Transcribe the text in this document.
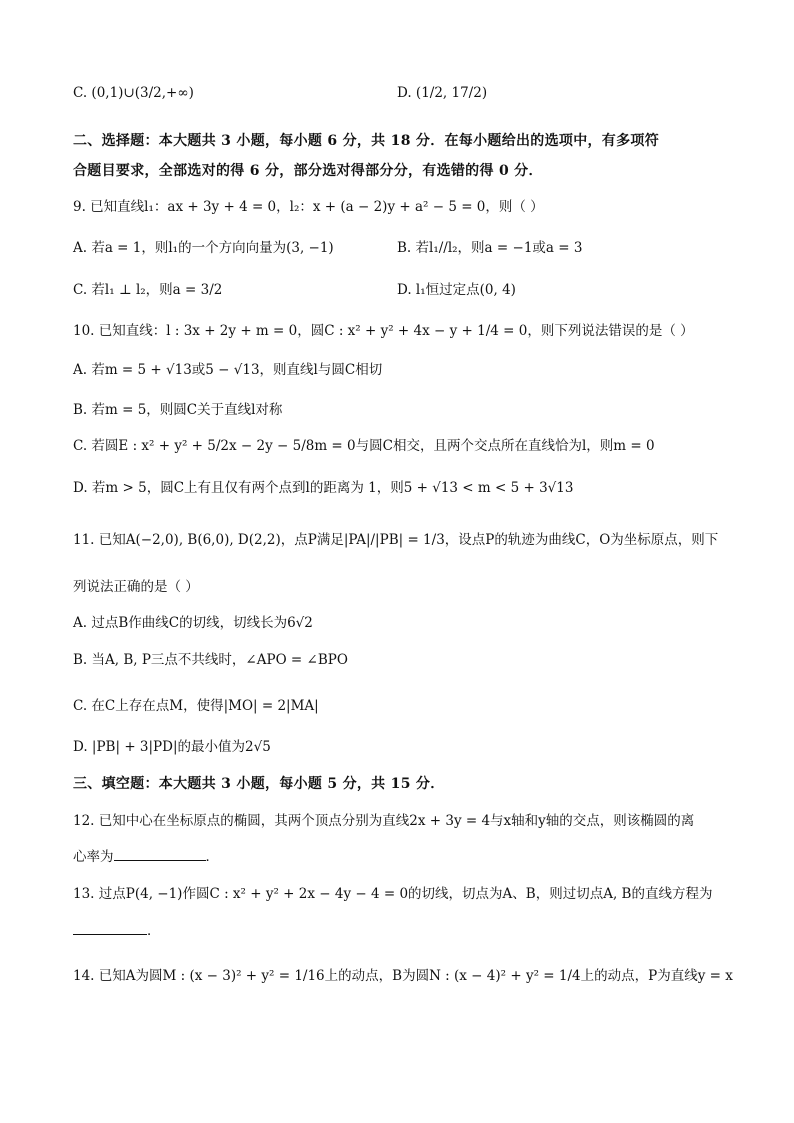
C. (0,1)∪(3/2,+∞)	D. (1/2, 17/2)
二、选择题：本大题共 3 小题，每小题 6 分，共 18 分．在每小题给出的选项中，有多项符
合题目要求，全部选对的得 6 分，部分选对得部分分，有选错的得 0 分．
9. 已知直线l₁：ax + 3y + 4 = 0，l₂：x + (a − 2)y + a² − 5 = 0，则（ ）
A. 若a = 1，则l₁的一个方向向量为(3, −1)	B. 若l₁//l₂，则a = −1或a = 3
C. 若l₁ ⊥ l₂，则a = 3/2	D. l₁恒过定点(0, 4)
10. 已知直线：l : 3x + 2y + m = 0，圆C : x² + y² + 4x − y + 1/4 = 0，则下列说法错误的是（ ）
A. 若m = 5 + √13或5 − √13，则直线l与圆C相切
B. 若m = 5，则圆C关于直线l对称
C. 若圆E : x² + y² + 5/2x − 2y − 5/8m = 0与圆C相交，且两个交点所在直线恰为l，则m = 0
D. 若m > 5，圆C上有且仅有两个点到l的距离为 1，则5 + √13 < m < 5 + 3√13
11. 已知A(−2,0), B(6,0), D(2,2)，点P满足|PA|/|PB| = 1/3，设点P的轨迹为曲线C，O为坐标原点，则下
列说法正确的是（ ）
A. 过点B作曲线C的切线，切线长为6√2
B. 当A, B, P三点不共线时，∠APO = ∠BPO
C. 在C上存在点M，使得|MO| = 2|MA|
D. |PB| + 3|PD|的最小值为2√5
三、填空题：本大题共 3 小题，每小题 5 分，共 15 分．
12. 已知中心在坐标原点的椭圆，其两个顶点分别为直线2x + 3y = 4与x轴和y轴的交点，则该椭圆的离
心率为	．
13. 过点P(4, −1)作圆C : x² + y² + 2x − 4y − 4 = 0的切线，切点为A、B，则过切点A, B的直线方程为
．
14. 已知A为圆M : (x − 3)² + y² = 1/16上的动点，B为圆N : (x − 4)² + y² = 1/4上的动点，P为直线y = x
